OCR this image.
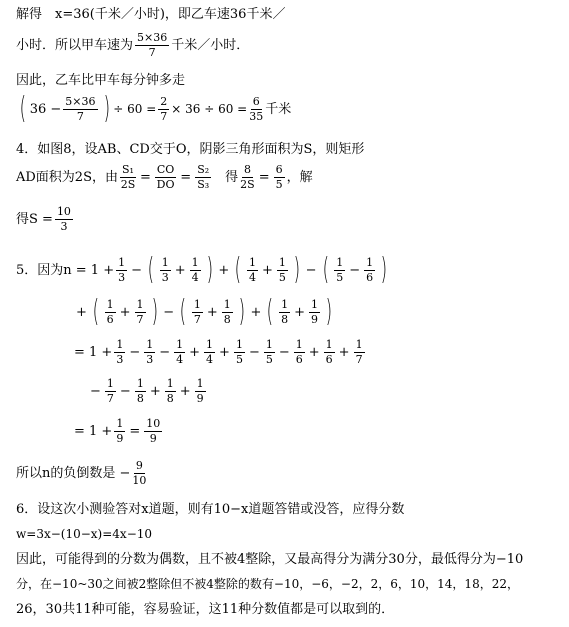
解得　x=36(千米／小时)，即乙车速36千米／
小时．所以甲车速为 $\frac{5\times 36}{7}$ 千米／小时．
因此，乙车比甲车每分钟多走
( $36 - \frac{5\times 36}{7}$ ) ÷ $60 = \frac{2}{7} \times 36 \div 60 = \frac{6}{35}$ 千米
4．如图8，设AB、CD交于O，阴影三角形面积为S，则矩形
AD面积为2S，由 $\frac{\text{S₁}}{2S} = \frac{CO}{DO} = \frac{\text{S₂}}{\text{S₃}}$ 得 $\frac{8}{2S} = \frac{6}{5}$ ，解
得$S = \frac{10}{3}$
5．因为$n = 1 + \frac{1}{3}$ − ( $\frac{1}{3} + \frac{1}{4}$ ) + ( $\frac{1}{4} + \frac{1}{5}$ ) − ( $\frac{1}{5} - \frac{1}{6}$ )
+ ( $\frac{1}{6} + \frac{1}{7}$ ) − ( $\frac{1}{7} + \frac{1}{8}$ ) + ( $\frac{1}{8} + \frac{1}{9}$ )
= $1 + \frac{1}{3} - \frac{1}{3} - \frac{1}{4} + \frac{1}{4} + \frac{1}{5} - \frac{1}{5} - \frac{1}{6} + \frac{1}{6} + \frac{1}{7}$
− $\frac{1}{7} - \frac{1}{8} + \frac{1}{8} + \frac{1}{9}$
= $1 + \frac{1}{9} = \frac{10}{9}$
所以n的负倒数是 − $\frac{9}{10}$
6．设这次小测验答对x道题，则有10−x道题答错或没答，应得分数
w=3x−(10−x)=4x−10
因此，可能得到的分数为偶数，且不被4整除，又最高得分为满分30分，最低得分为−10
分，在−10~30之间被2整除但不被4整除的数有−10，−6，−2，2，6，10，14，18，22，
26，30共11种可能，容易验证，这11种分数值都是可以取到的．
